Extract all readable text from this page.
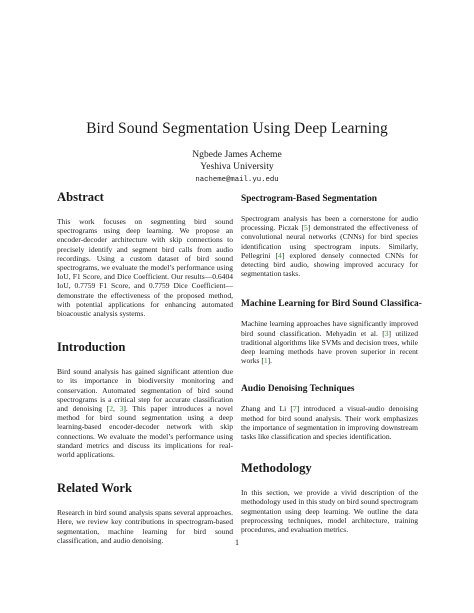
Bird Sound Segmentation Using Deep Learning
Ngbede James Acheme
Yeshiva University
nacheme@mail.yu.edu
Abstract

This work focuses on segmenting bird sound spectrograms using deep learning. We propose an encoder-decoder architecture with skip connections to precisely identify and segment bird calls from audio recordings. Using a custom dataset of bird sound spectrograms, we evaluate the model’s performance using IoU, F1 Score, and Dice Coefficient. Our results—0.6404 IoU, 0.7759 F1 Score, and 0.7759 Dice Coefficient—demonstrate the effectiveness of the proposed method, with potential applications for enhancing automated bioacoustic analysis systems.

Introduction

Bird sound analysis has gained significant attention due to its importance in biodiversity monitoring and conservation. Automated segmentation of bird sound spectrograms is a critical step for accurate classification and denoising [2, 3]. This paper introduces a novel method for bird sound segmentation using a deep learning-based encoder-decoder network with skip connections. We evaluate the model’s performance using standard metrics and discuss its implications for real-world applications.

Related Work

Research in bird sound analysis spans several approaches. Here, we review key contributions in spectrogram-based segmentation, machine learning for bird sound classification, and audio denoising.

Spectrogram-Based Segmentation

Spectrogram analysis has been a cornerstone for audio processing. Piczak [5] demonstrated the effectiveness of convolutional neural networks (CNNs) for bird species identification using spectrogram inputs. Similarly, Pellegrini [4] explored densely connected CNNs for detecting bird audio, showing improved accuracy for segmentation tasks.

Machine Learning for Bird Sound Classifica-

Machine learning approaches have significantly improved bird sound classification. Mehyadin et al. [3] utilized traditional algorithms like SVMs and decision trees, while deep learning methods have proven superior in recent works [1].

Audio Denoising Techniques

Zhang and Li [7] introduced a visual-audio denoising method for bird sound analysis. Their work emphasizes the importance of segmentation in improving downstream tasks like classification and species identification.

Methodology

In this section, we provide a vivid description of the methodology used in this study on bird sound spectrogram segmentation using deep learning. We outline the data preprocessing techniques, model architecture, training procedures, and evaluation metrics.

1
